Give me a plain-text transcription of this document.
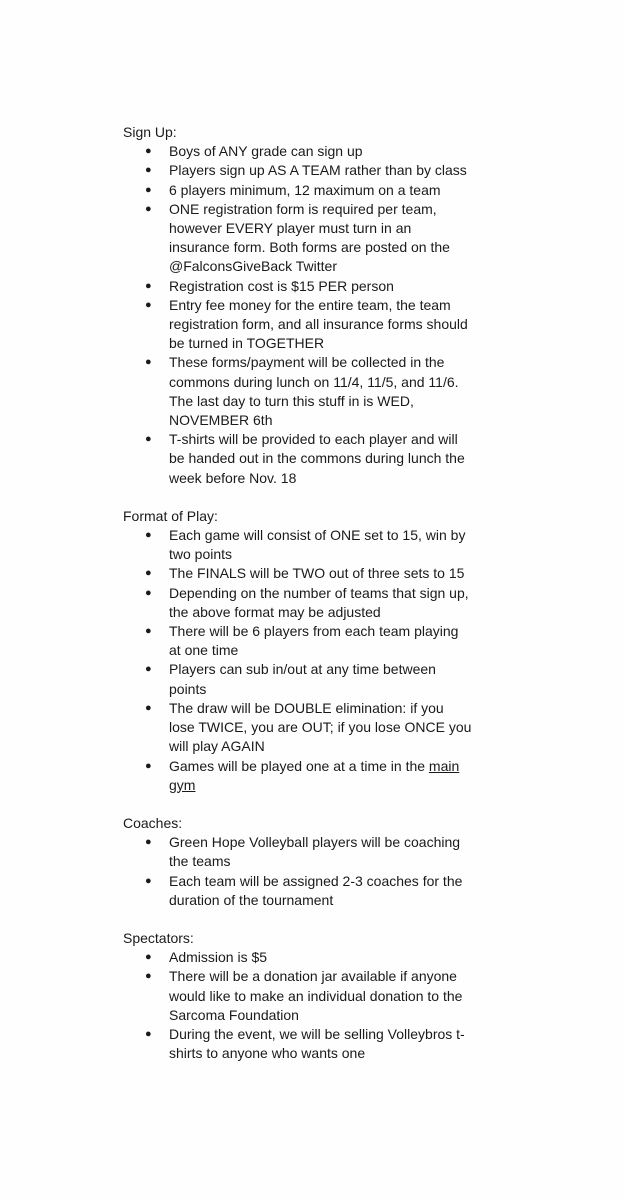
Sign Up:

● Boys of ANY grade can sign up
● Players sign up AS A TEAM rather than by class
● 6 players minimum, 12 maximum on a team
● ONE registration form is required per team, however EVERY player must turn in an insurance form. Both forms are posted on the @FalconsGiveBack Twitter
● Registration cost is $15 PER person
● Entry fee money for the entire team, the team registration form, and all insurance forms should be turned in TOGETHER
● These forms/payment will be collected in the commons during lunch on 11/4, 11/5, and 11/6. The last day to turn this stuff in is WED, NOVEMBER 6th
● T-shirts will be provided to each player and will be handed out in the commons during lunch the week before Nov. 18

Format of Play:

● Each game will consist of ONE set to 15, win by two points
● The FINALS will be TWO out of three sets to 15
● Depending on the number of teams that sign up, the above format may be adjusted
● There will be 6 players from each team playing at one time
● Players can sub in/out at any time between points
● The draw will be DOUBLE elimination: if you lose TWICE, you are OUT; if you lose ONCE you will play AGAIN
● Games will be played one at a time in the main gym

Coaches:

● Green Hope Volleyball players will be coaching the teams
● Each team will be assigned 2-3 coaches for the duration of the tournament

Spectators:

● Admission is $5
● There will be a donation jar available if anyone would like to make an individual donation to the Sarcoma Foundation
● During the event, we will be selling Volleybros t-shirts to anyone who wants one
